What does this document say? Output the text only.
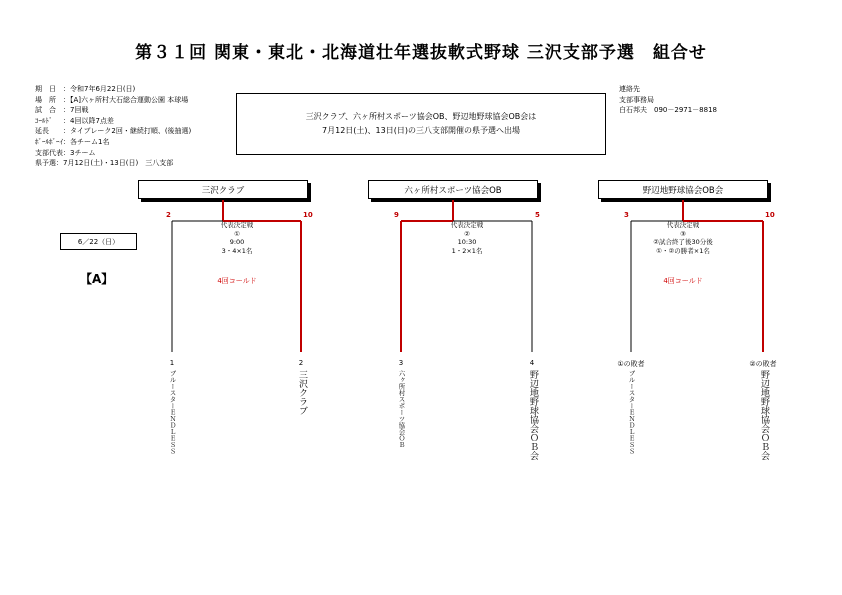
第３１回 関東・東北・北海道壮年選抜軟式野球 三沢支部予選　組合せ
期　日 ：令和7年6月22日(日)
場　所 ：【A]六ヶ所村大石総合運動公園 本球場
試　合 ：7回戦
ｺｰﾙﾄﾞ ：4回以降7点差
延長 ：タイブレーク2回・継続打順、(後抽選)
ﾎﾞｰﾙﾎﾞｰｲ：各チーム1名
支部代表：3チーム
県予選：7月12日(土)・13日(日)　三八支部
連絡先
支部事務局
白石邦夫　090－2971－8818
三沢クラブ、六ヶ所村スポーツ協会OB、野辺地野球協会OB会は
7月12日(土)、13日(日)の三八支部開催の県予選へ出場
三沢クラブ	六ヶ所村スポーツ協会OB	野辺地野球協会OB会
6／22（日）
【A】
2	10	9	5	3	10
代表決定戦
①
9:00
3・4×1名
代表決定戦
②
10:30
1・2×1名
代表決定戦
③
②試合終了後30分後
①・②の勝者×1名
4回コールド	4回コールド
1	2	3	4	①の敗者	②の敗者
ブルースターＥＮＤＬＥＳＳ	三沢クラブ	六ヶ所村スポーツ協会ＯＢ	野辺地野球協会ＯＢ会	ブルースターＥＮＤＬＥＳＳ	野辺地野球協会ＯＢ会
